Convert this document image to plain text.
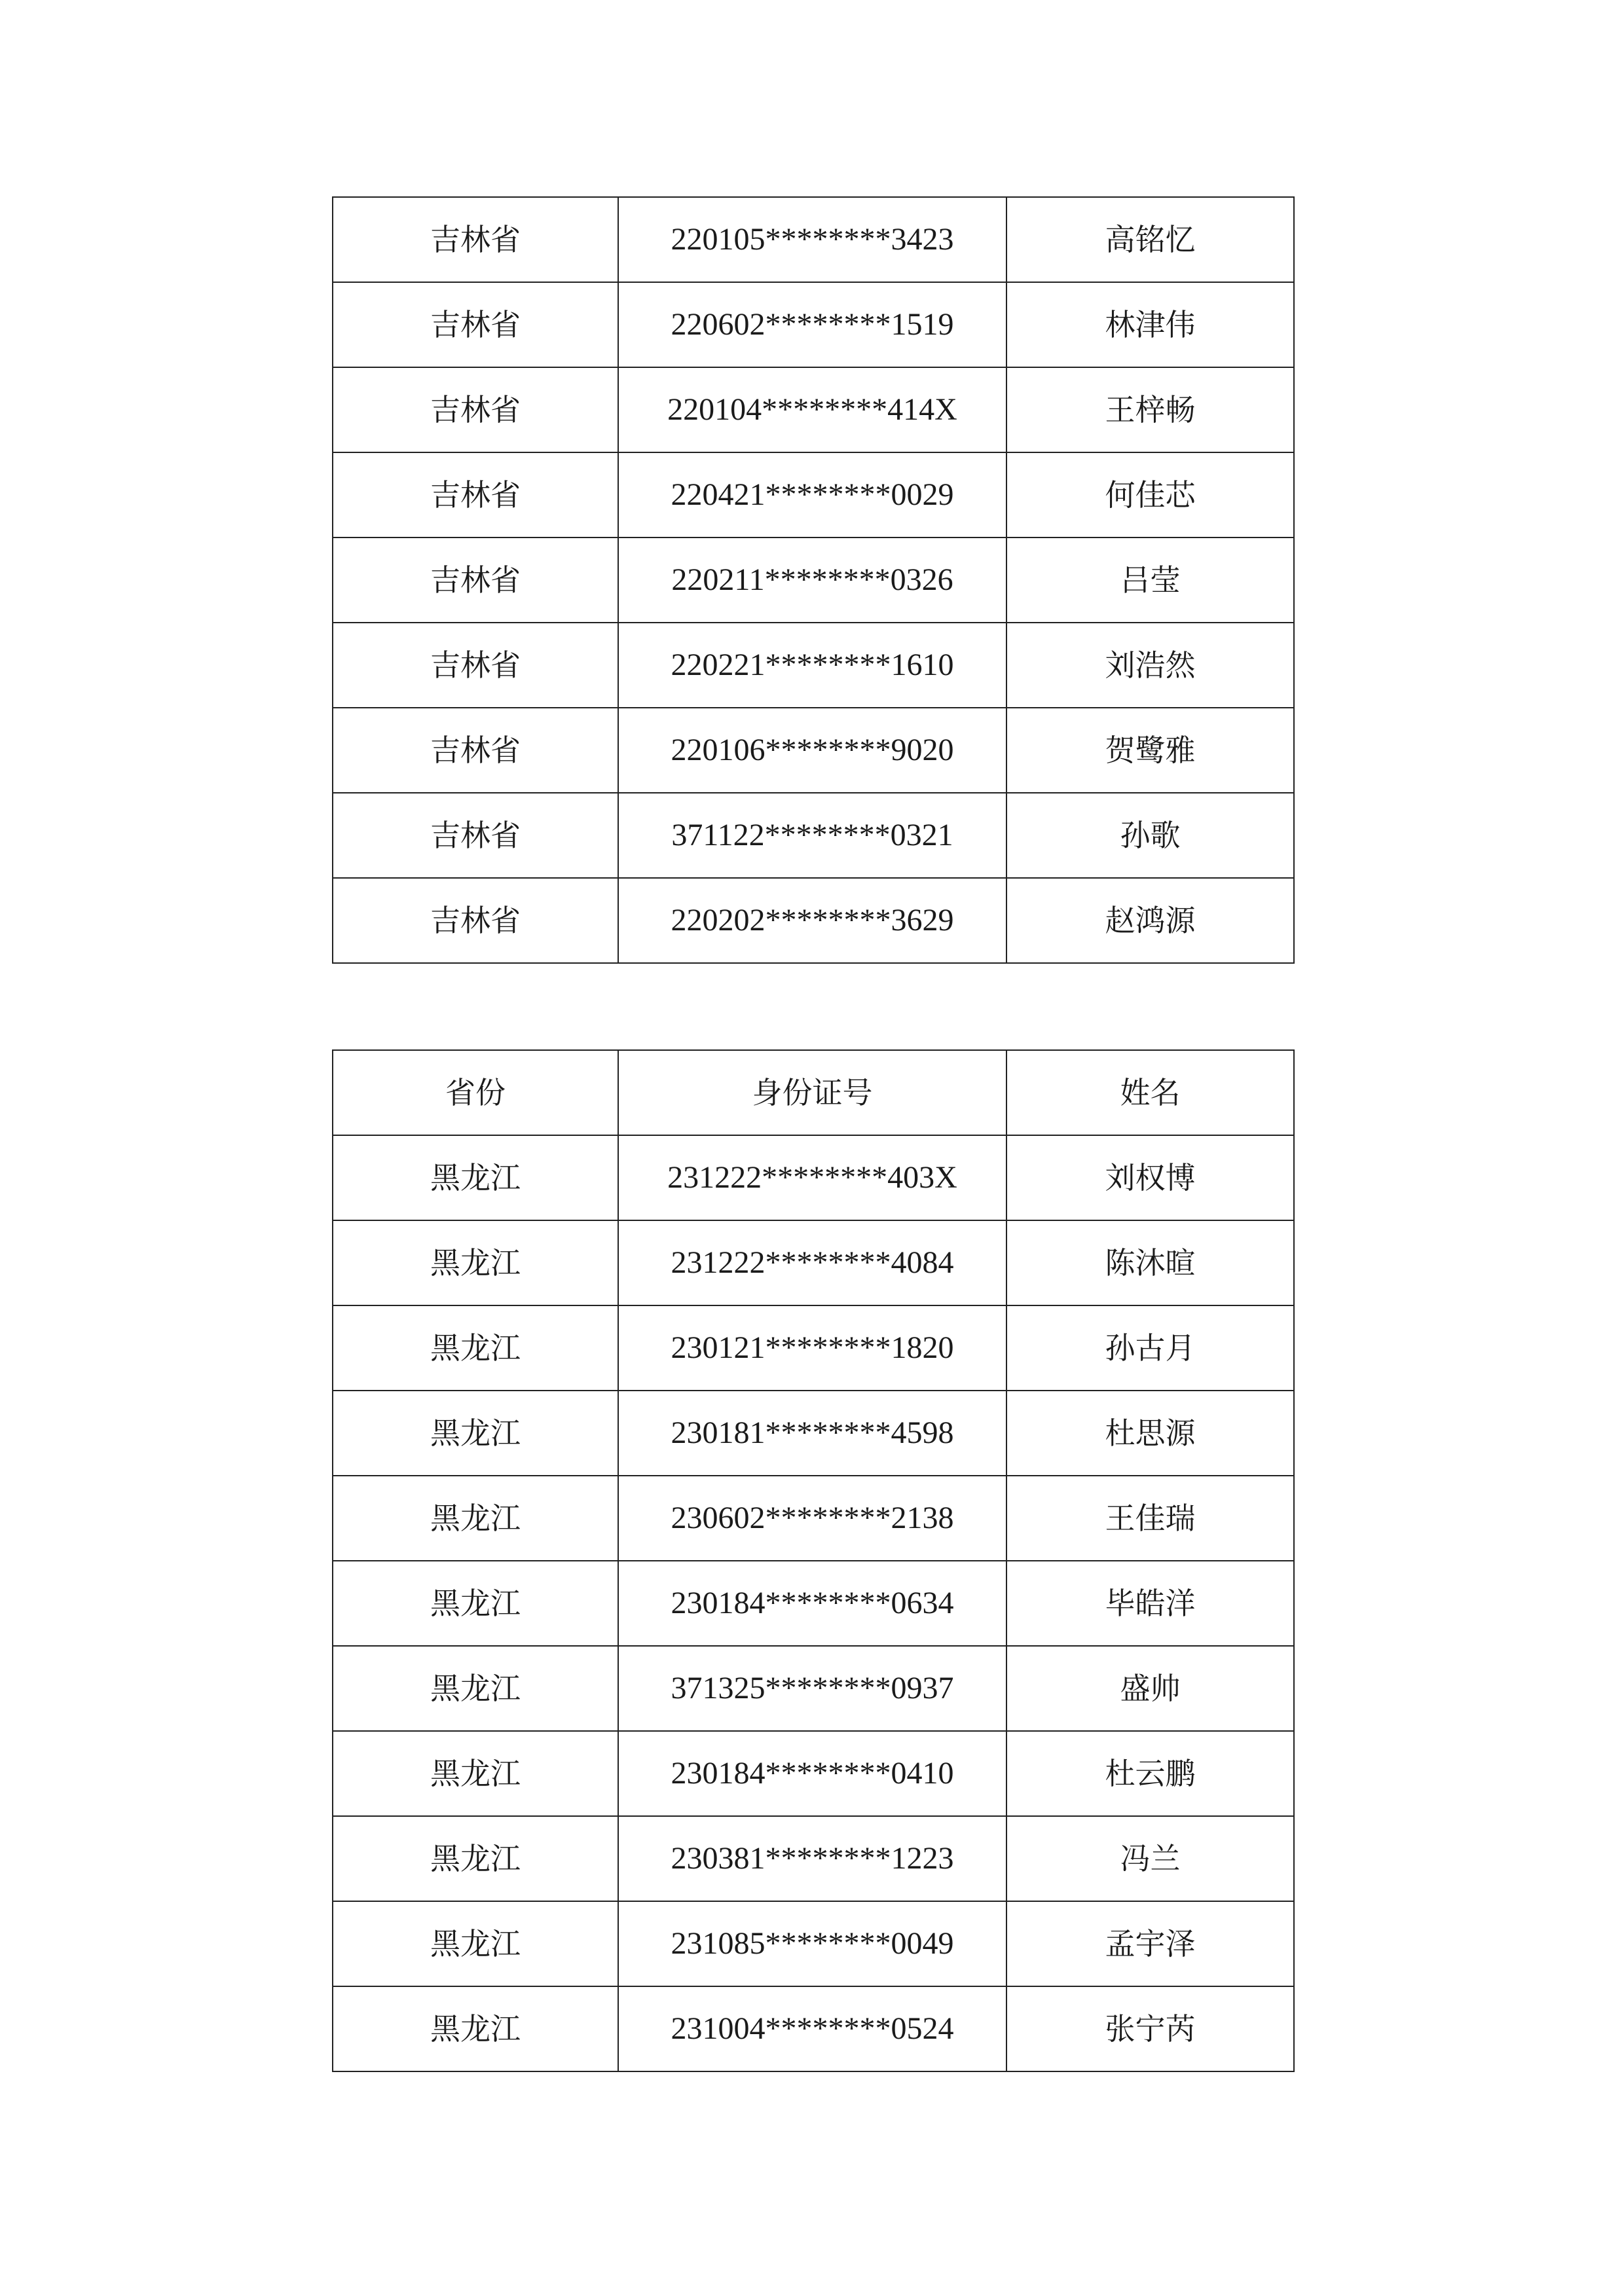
吉林省	220105********3423	高铭忆
吉林省	220602********1519	林津伟
吉林省	220104********414X	王梓畅
吉林省	220421********0029	何佳芯
吉林省	220211********0326	吕莹
吉林省	220221********1610	刘浩然
吉林省	220106********9020	贺鹭雅
吉林省	371122********0321	孙歌
吉林省	220202********3629	赵鸿源
省份	身份证号	姓名
黑龙江	231222********403X	刘权博
黑龙江	231222********4084	陈沐暄
黑龙江	230121********1820	孙古月
黑龙江	230181********4598	杜思源
黑龙江	230602********2138	王佳瑞
黑龙江	230184********0634	毕皓洋
黑龙江	371325********0937	盛帅
黑龙江	230184********0410	杜云鹏
黑龙江	230381********1223	冯兰
黑龙江	231085********0049	孟宇泽
黑龙江	231004********0524	张宁芮
